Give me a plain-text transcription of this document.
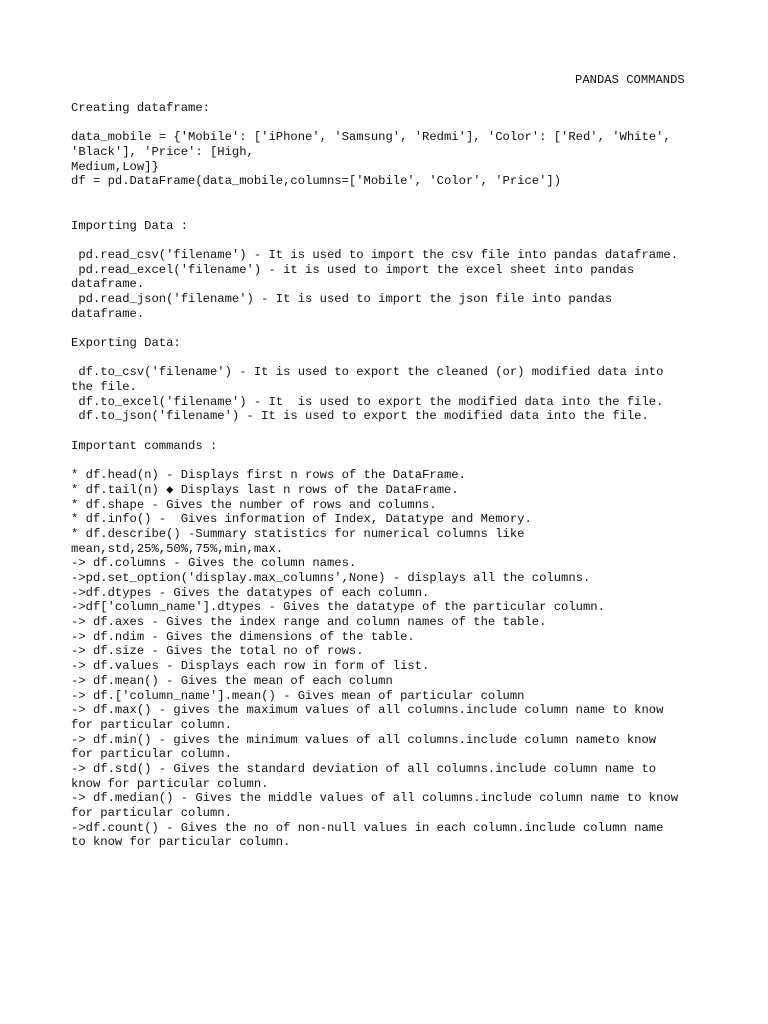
PANDAS COMMANDS
Creating dataframe:
data_mobile = {'Mobile': ['iPhone', 'Samsung', 'Redmi'], 'Color': ['Red', 'White',
'Black'], 'Price': [High,
Medium,Low]}
df = pd.DataFrame(data_mobile,columns=['Mobile', 'Color', 'Price'])
Importing Data :
pd.read_csv('filename') - It is used to import the csv file into pandas dataframe.
pd.read_excel('filename') - it is used to import the excel sheet into pandas
dataframe.
pd.read_json('filename') - It is used to import the json file into pandas
dataframe.
Exporting Data:
df.to_csv('filename') - It is used to export the cleaned (or) modified data into
the file.
df.to_excel('filename') - It  is used to export the modified data into the file.
df.to_json('filename') - It is used to export the modified data into the file.
Important commands :
* df.head(n) - Displays first n rows of the DataFrame.
* df.tail(n) ◆ Displays last n rows of the DataFrame.
* df.shape - Gives the number of rows and columns.
* df.info() -  Gives information of Index, Datatype and Memory.
* df.describe() -Summary statistics for numerical columns like
mean,std,25%,50%,75%,min,max.
-> df.columns - Gives the column names.
->pd.set_option('display.max_columns',None) - displays all the columns.
->df.dtypes - Gives the datatypes of each column.
->df['column_name'].dtypes - Gives the datatype of the particular column.
-> df.axes - Gives the index range and column names of the table.
-> df.ndim - Gives the dimensions of the table.
-> df.size - Gives the total no of rows.
-> df.values - Displays each row in form of list.
-> df.mean() - Gives the mean of each column
-> df.['column_name'].mean() - Gives mean of particular column
-> df.max() - gives the maximum values of all columns.include column name to know
for particular column.
-> df.min() - gives the minimum values of all columns.include column nameto know
for particular column.
-> df.std() - Gives the standard deviation of all columns.include column name to
know for particular column.
-> df.median() - Gives the middle values of all columns.include column name to know
for particular column.
->df.count() - Gives the no of non-null values in each column.include column name
to know for particular column.
